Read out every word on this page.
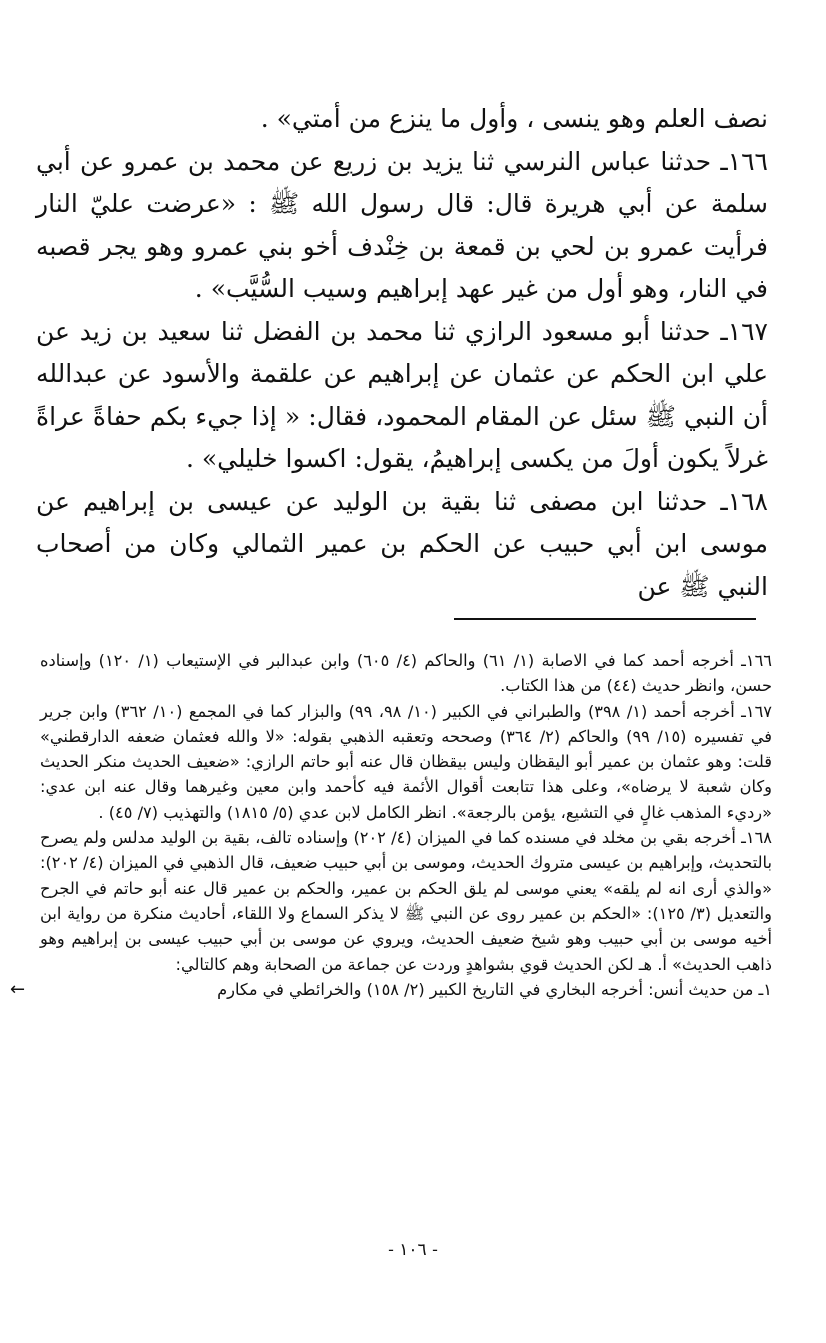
نصف العلم وهو ينسى ، وأول ما ينزع من أمتي» .

١٦٦ـ حدثنا عباس النرسي ثنا يزيد بن زريع عن محمد بن عمرو عن أبي سلمة عن أبي هريرة قال: قال رسول الله ﷺ : «عرضت عليّ النار فرأيت عمرو بن لحي بن قمعة بن خِنْدف أخو بني عمرو وهو يجر قصبه في النار، وهو أول من غير عهد إبراهيم وسيب السُّيَّب» .

١٦٧ـ حدثنا أبو مسعود الرازي ثنا محمد بن الفضل ثنا سعيد بن زيد عن علي ابن الحكم عن عثمان عن إبراهيم عن علقمة والأسود عن عبدالله أن النبي ﷺ سئل عن المقام المحمود، فقال: « إذا جيء بكم حفاةً عراةً غرلاً يكون أولَ من يكسى إبراهيمُ، يقول: اكسوا خليلي» .

١٦٨ـ حدثنا ابن مصفى ثنا بقية بن الوليد عن عيسى بن إبراهيم عن موسى ابن أبي حبيب عن الحكم بن عمير الثمالي وكان من أصحاب النبي ﷺ عن

١٦٦ـ أخرجه أحمد كما في الاصابة (١/ ٦١) والحاكم (٤/ ٦٠٥) وابن عبدالبر في الإستيعاب (١/ ١٢٠) وإسناده حسن، وانظر حديث (٤٤) من هذا الكتاب.

١٦٧ـ أخرجه أحمد (١/ ٣٩٨) والطبراني في الكبير (١٠/ ٩٨، ٩٩) والبزار كما في المجمع (١٠/ ٣٦٢) وابن جرير في تفسيره (١٥/ ٩٩) والحاكم (٢/ ٣٦٤) وصححه وتعقبه الذهبي بقوله: «لا والله فعثمان ضعفه الدارقطني» قلت: وهو عثمان بن عمير أبو اليقظان وليس بيقظان قال عنه أبو حاتم الرازي: «ضعيف الحديث منكر الحديث وكان شعبة لا يرضاه»، وعلى هذا تتابعت أقوال الأئمة فيه كأحمد وابن معين وغيرهما وقال عنه ابن عدي: «رديء المذهب غالٍ في التشيع، يؤمن بالرجعة». انظر الكامل لابن عدي (٥/ ١٨١٥) والتهذيب (٧/ ٤٥) .

١٦٨ـ أخرجه بقي بن مخلد في مسنده كما في الميزان (٤/ ٢٠٢) وإسناده تالف، بقية بن الوليد مدلس ولم يصرح بالتحديث، وإبراهيم بن عيسى متروك الحديث، وموسى بن أبي حبيب ضعيف، قال الذهبي في الميزان (٤/ ٢٠٢): «والذي أرى انه لم يلقه» يعني موسى لم يلق الحكم بن عمير، والحكم بن عمير قال عنه أبو حاتم في الجرح والتعديل (٣/ ١٢٥): «الحكم بن عمير روى عن النبي ﷺ لا يذكر السماع ولا اللقاء، أحاديث منكرة من رواية ابن أخيه موسى بن أبي حبيب وهو شيخ ضعيف الحديث، ويروي عن موسى بن أبي حبيب عيسى بن إبراهيم وهو ذاهب الحديث» أ. هـ لكن الحديث قوي بشواهدٍ وردت عن جماعة من الصحابة وهم كالتالي:

١ـ من حديث أنس: أخرجه البخاري في التاريخ الكبير (٢/ ١٥٨) والخرائطي في مكارم
←

- ١٠٦ -
